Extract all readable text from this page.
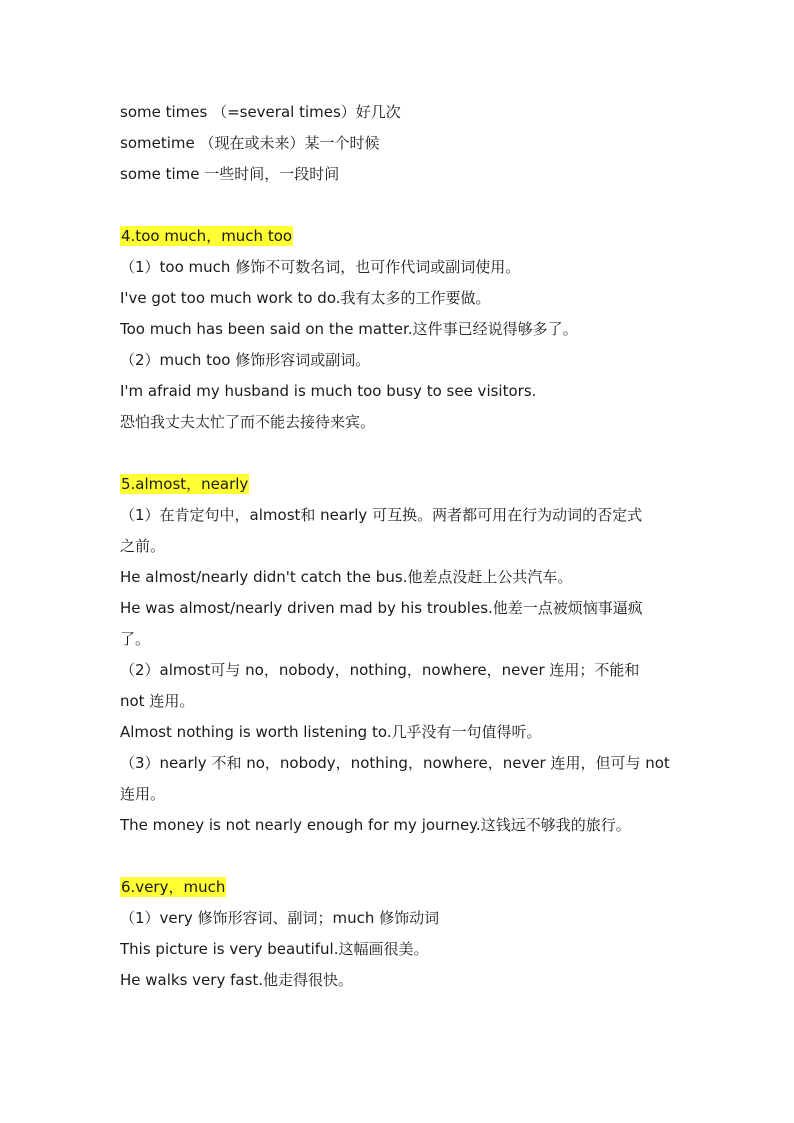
some times （=several times）好几次
sometime （现在或未来）某一个时候
some time 一些时间，一段时间
4.too much，much too
（1）too much 修饰不可数名词，也可作代词或副词使用。
I've got too much work to do.我有太多的工作要做。
Too much has been said on the matter.这件事已经说得够多了。
（2）much too 修饰形容词或副词。
I'm afraid my husband is much too busy to see visitors.
恐怕我丈夫太忙了而不能去接待来宾。
5.almost，nearly
（1）在肯定句中，almost和 nearly 可互换。两者都可用在行为动词的否定式
之前。
He almost/nearly didn't catch the bus.他差点没赶上公共汽车。
He was almost/nearly driven mad by his troubles.他差一点被烦恼事逼疯
了。
（2）almost可与 no，nobody，nothing，nowhere，never 连用；不能和
not 连用。
Almost nothing is worth listening to.几乎没有一句值得听。
（3）nearly 不和 no，nobody，nothing，nowhere，never 连用，但可与 not
连用。
The money is not nearly enough for my journey.这钱远不够我的旅行。
6.very，much
（1）very 修饰形容词、副词；much 修饰动词
This picture is very beautiful.这幅画很美。
He walks very fast.他走得很快。
